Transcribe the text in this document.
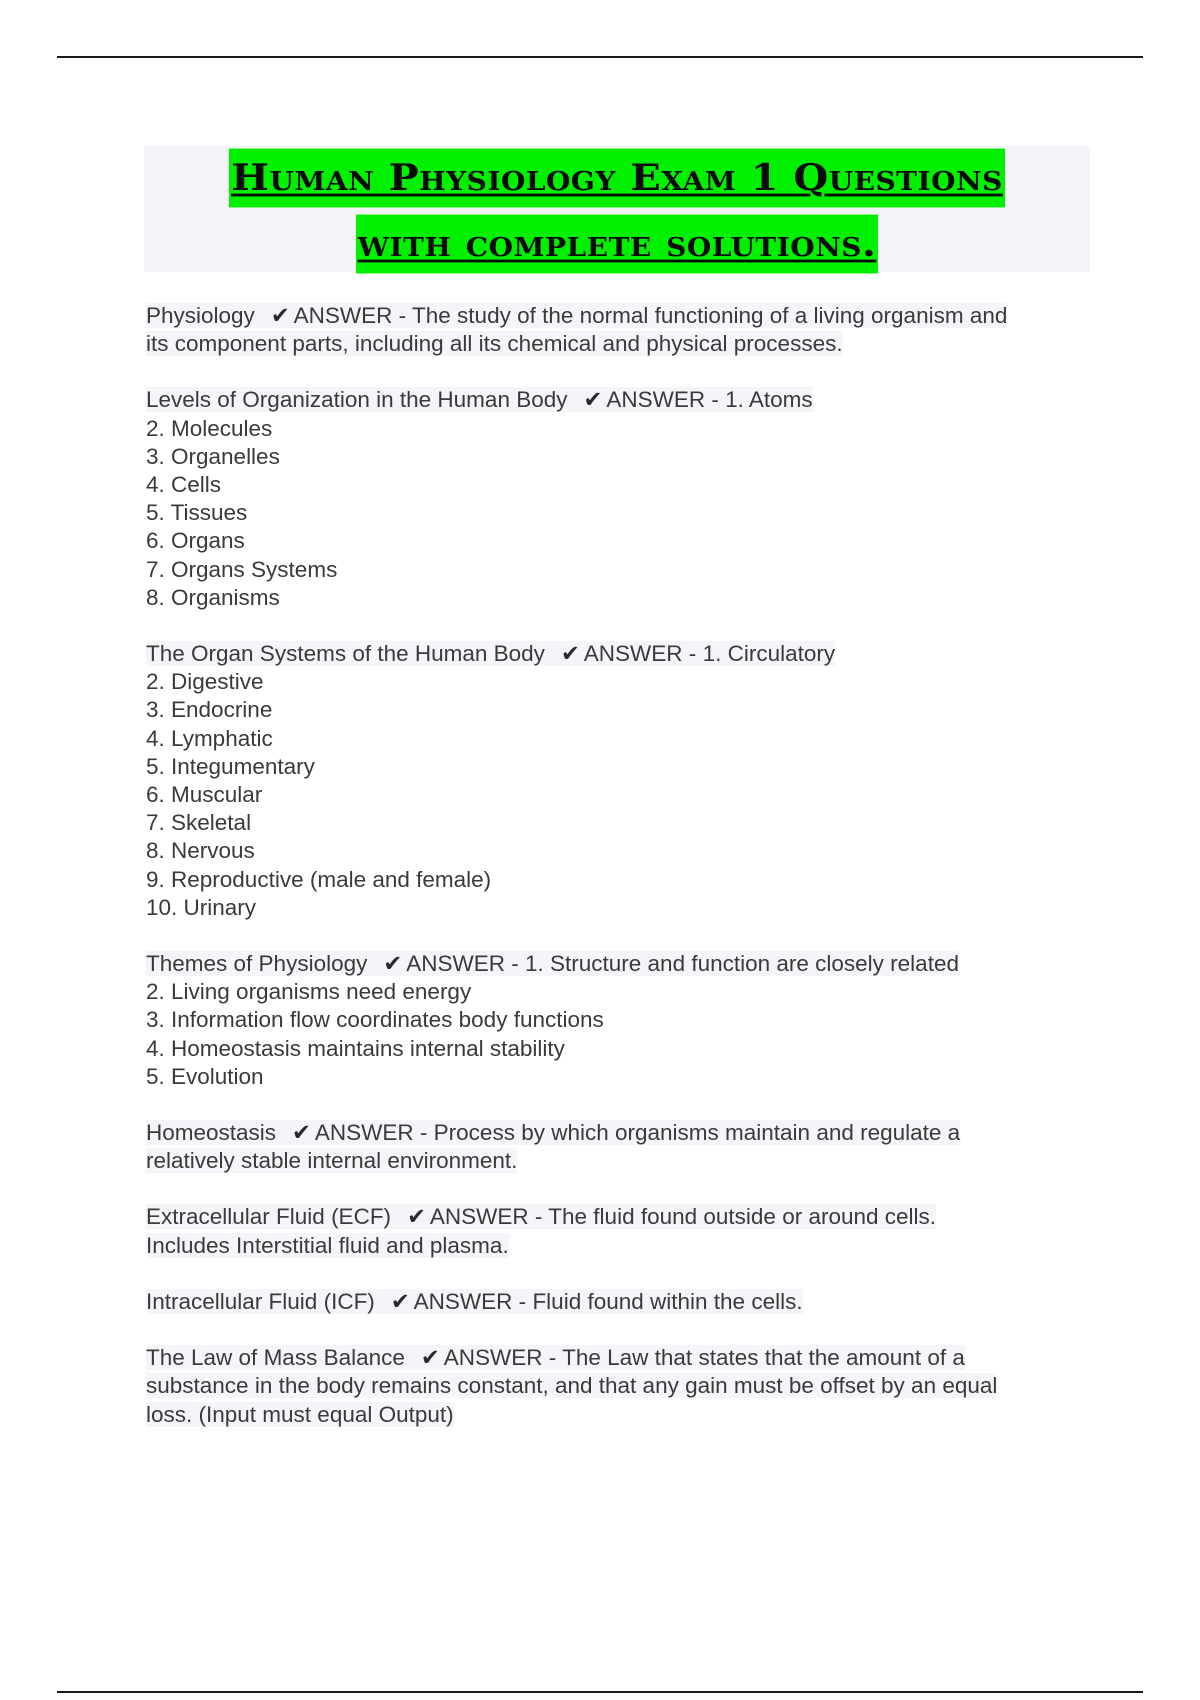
Human Physiology Exam 1 Questions
with complete solutions.

Physiology ✔ ANSWER - The study of the normal functioning of a living organism and

its component parts, including all its chemical and physical processes.

Levels of Organization in the Human Body ✔ ANSWER - 1. Atoms

2. Molecules
3. Organelles
4. Cells
5. Tissues
6. Organs
7. Organs Systems
8. Organisms

The Organ Systems of the Human Body ✔ ANSWER - 1. Circulatory

2. Digestive
3. Endocrine
4. Lymphatic
5. Integumentary
6. Muscular
7. Skeletal
8. Nervous
9. Reproductive (male and female)
10. Urinary

Themes of Physiology ✔ ANSWER - 1. Structure and function are closely related

2. Living organisms need energy
3. Information flow coordinates body functions
4. Homeostasis maintains internal stability
5. Evolution

Homeostasis ✔ ANSWER - Process by which organisms maintain and regulate a

relatively stable internal environment.

Extracellular Fluid (ECF) ✔ ANSWER - The fluid found outside or around cells.

Includes Interstitial fluid and plasma.

Intracellular Fluid (ICF) ✔ ANSWER - Fluid found within the cells.

The Law of Mass Balance ✔ ANSWER - The Law that states that the amount of a

substance in the body remains constant, and that any gain must be offset by an equal

loss. (Input must equal Output)
